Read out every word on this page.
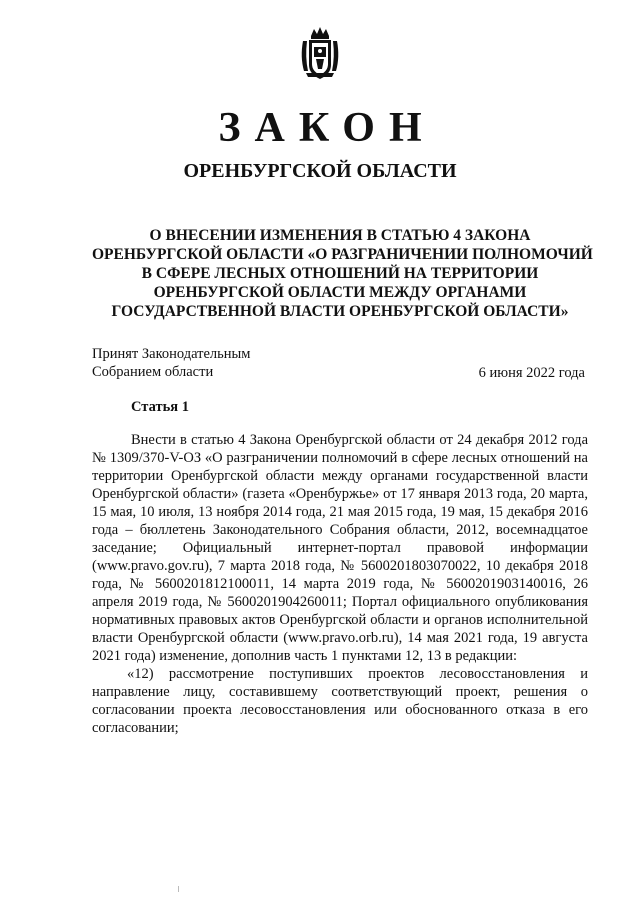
ЗАКОН
ОРЕНБУРГСКОЙ ОБЛАСТИ
О ВНЕСЕНИИ ИЗМЕНЕНИЯ В СТАТЬЮ 4 ЗАКОНА
ОРЕНБУРГСКОЙ ОБЛАСТИ «О РАЗГРАНИЧЕНИИ ПОЛНОМОЧИЙ
В СФЕРЕ ЛЕСНЫХ ОТНОШЕНИЙ НА ТЕРРИТОРИИ
ОРЕНБУРГСКОЙ ОБЛАСТИ МЕЖДУ ОРГАНАМИ
ГОСУДАРСТВЕННОЙ ВЛАСТИ ОРЕНБУРГСКОЙ ОБЛАСТИ»
Принят Законодательным
Собранием области	6 июня 2022 года
Статья 1

Внести в статью 4 Закона Оренбургской области от 24 декабря 2012 года № 1309/370-V-ОЗ «О разграничении полномочий в сфере лесных отношений на территории Оренбургской области между органами государственной власти Оренбургской области» (газета «Оренбуржье» от 17 января 2013 года, 20 марта, 15 мая, 10 июля, 13 ноября 2014 года, 21 мая 2015 года, 19 мая, 15 декабря 2016 года – бюллетень Законодательного Собрания области, 2012, восемнадцатое заседание; Официальный интернет-портал правовой информации (www.pravo.gov.ru), 7 марта 2018 года, № 5600201803070022, 10 декабря 2018 года, № 5600201812100011, 14 марта 2019 года, № 5600201903140016, 26 апреля 2019 года, № 5600201904260011; Портал официального опубликования нормативных правовых актов Оренбургской области и органов исполнительной власти Оренбургской области (www.pravo.orb.ru), 14 мая 2021 года, 19 августа 2021 года) изменение, дополнив часть 1 пунктами 12, 13 в редакции:

«12) рассмотрение поступивших проектов лесовосстановления и направление лицу, составившему соответствующий проект, решения о согласовании проекта лесовосстановления или обоснованного отказа в его согласовании;
